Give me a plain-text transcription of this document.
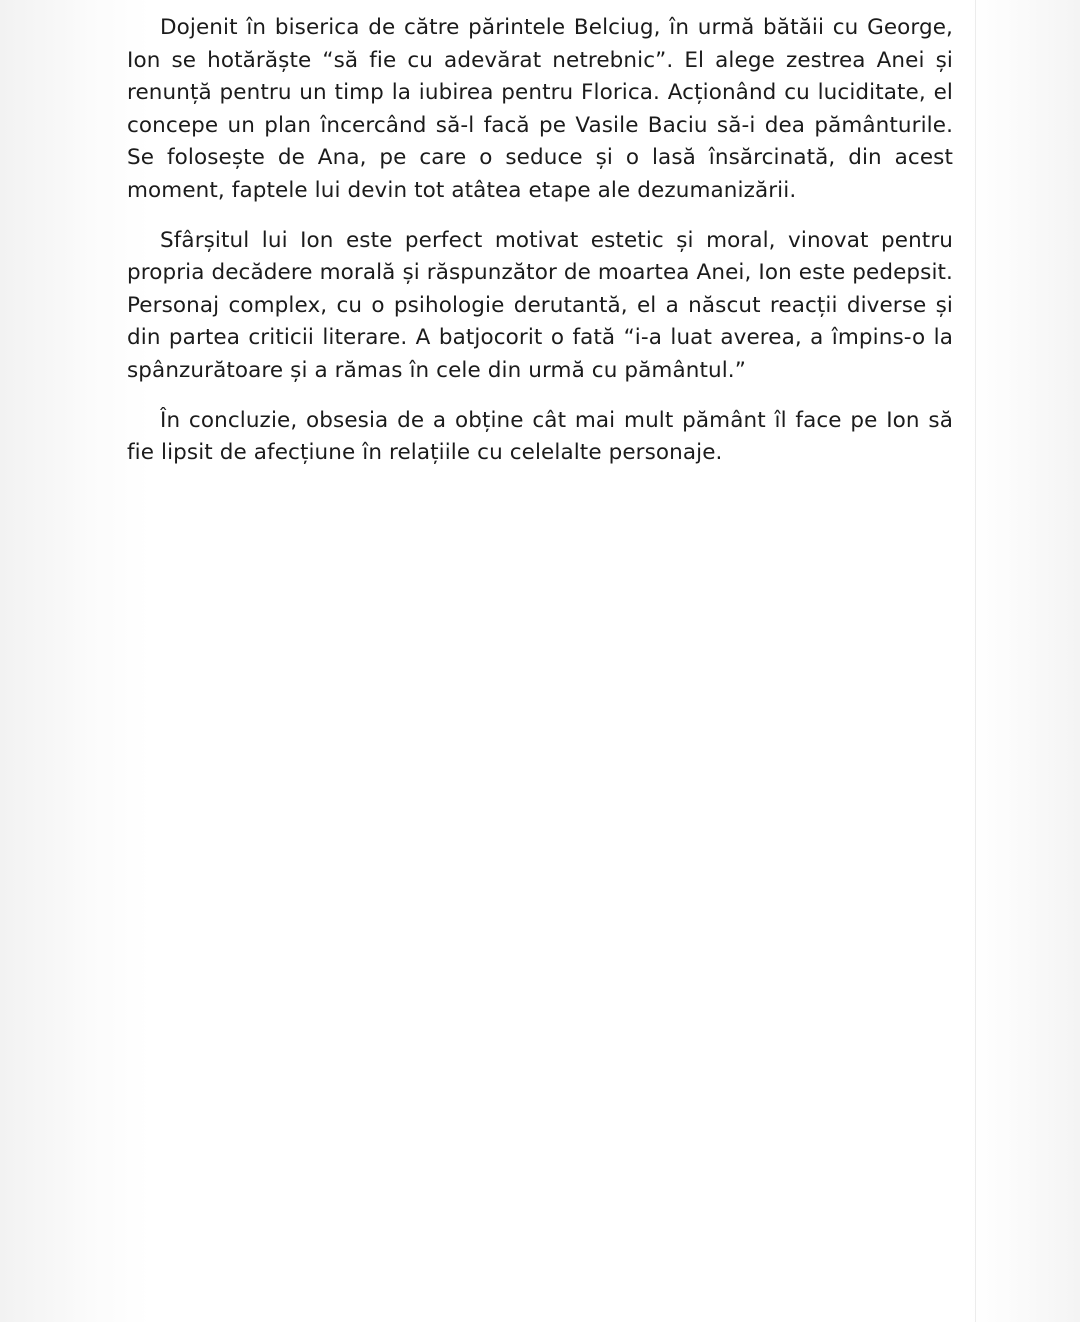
Dojenit în biserica de către părintele Belciug, în urmă bătăii cu George, Ion se hotărăște “să fie cu adevărat netrebnic”. El alege zestrea Anei și renunță pentru un timp la iubirea pentru Florica. Acționând cu luciditate, el concepe un plan încercând să-l facă pe Vasile Baciu să-i dea pământurile. Se folosește de Ana, pe care o seduce și o lasă însărcinată, din acest moment, faptele lui devin tot atâtea etape ale dezumanizării.

Sfârșitul lui Ion este perfect motivat estetic și moral, vinovat pentru propria decădere morală și răspunzător de moartea Anei, Ion este pedepsit. Personaj complex, cu o psihologie derutantă, el a născut reacții diverse și din partea criticii literare. A batjocorit o fată “i-a luat averea, a împins-o la spânzurătoare și a rămas în cele din urmă cu pământul.”

În concluzie, obsesia de a obține cât mai mult pământ îl face pe Ion să fie lipsit de afecțiune în relațiile cu celelalte personaje.
